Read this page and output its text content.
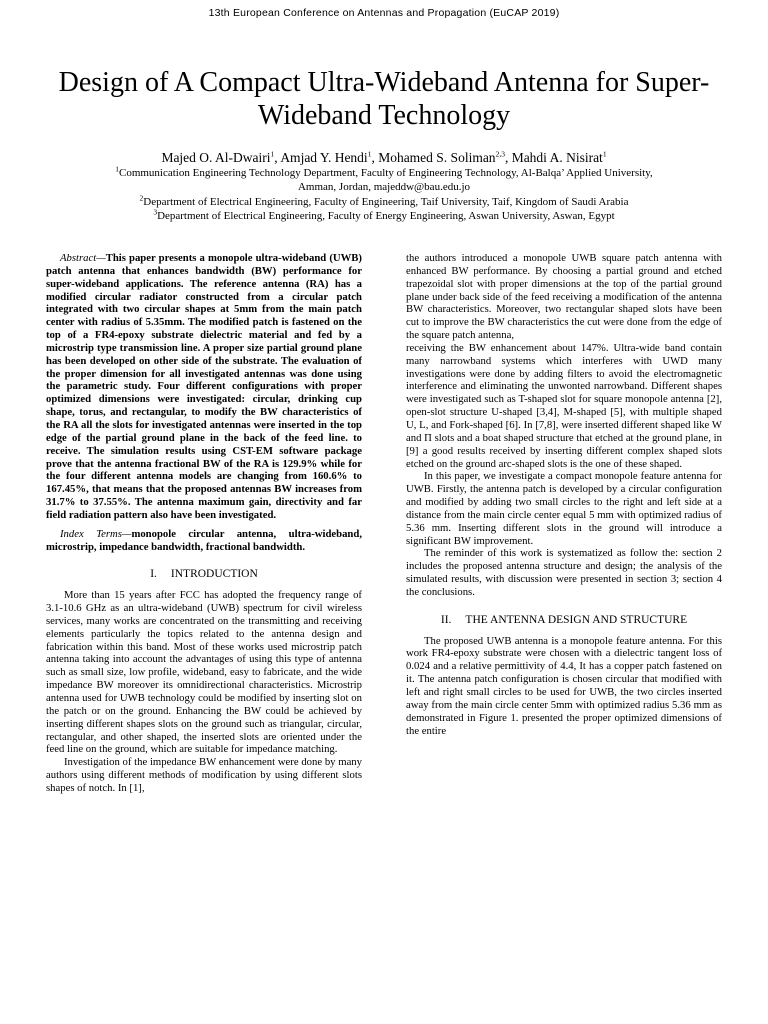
13th European Conference on Antennas and Propagation (EuCAP 2019)
Design of A Compact Ultra-Wideband Antenna for Super-Wideband Technology

Majed O. Al-Dwairi$^1$, Amjad Y. Hendi$^1$, Mohamed S. Soliman$^{2,3}$, Mahdi A. Nisirat$^1$

$^1$Communication Engineering Technology Department, Faculty of Engineering Technology, Al-Balqa’ Applied University,
Amman, Jordan, majeddw@bau.edu.jo

$^2$Department of Electrical Engineering, Faculty of Engineering, Taif University, Taif, Kingdom of Saudi Arabia

$^3$Department of Electrical Engineering, Faculty of Energy Engineering, Aswan University, Aswan, Egypt

Abstract—This paper presents a monopole ultra-wideband (UWB) patch antenna that enhances bandwidth (BW) performance for super-wideband applications. The reference antenna (RA) has a modified circular radiator constructed from a circular patch integrated with two circular shapes at 5mm from the main patch center with radius of 5.35mm. The modified patch is fastened on the top of a FR4-epoxy substrate dielectric material and fed by a microstrip type transmission line. A proper size partial ground plane has been developed on other side of the substrate. The evaluation of the proper dimension for all investigated antennas was done using the parametric study. Four different configurations with proper optimized dimensions were investigated: circular, drinking cup shape, torus, and rectangular, to modify the BW characteristics of the RA all the slots for investigated antennas were inserted in the top edge of the partial ground plane in the back of the feed line. to receive. The simulation results using CST-EM software package prove that the antenna fractional BW of the RA is 129.9% while for the four different antenna models are changing from 160.6% to 167.45%, that means that the proposed antennas BW increases from 31.7% to 37.55%. The antenna maximum gain, directivity and far field radiation pattern also have been investigated.

Index Terms—monopole circular antenna, ultra-wideband, microstrip, impedance bandwidth, fractional bandwidth.

I. INTRODUCTION

More than 15 years after FCC has adopted the frequency range of 3.1-10.6 GHz as an ultra-wideband (UWB) spectrum for civil wireless services, many works are concentrated on the transmitting and receiving elements particularly the topics related to the antenna design and fabrication within this band. Most of these works used microstrip patch antenna taking into account the advantages of using this type of antenna such as small size, low profile, wideband, easy to fabricate, and the wide impedance BW moreover its omnidirectional characteristics. Microstrip antenna used for UWB technology could be modified by inserting slot on the patch or on the ground. Enhancing the BW could be achieved by inserting different shapes slots on the ground such as triangular, circular, rectangular, and other shaped, the inserted slots are oriented under the feed line on the ground, which are suitable for impedance matching.

Investigation of the impedance BW enhancement were done by many authors using different methods of modification by using different slots shapes of notch. In [1],

the authors introduced a monopole UWB square patch antenna with enhanced BW performance. By choosing a partial ground and etched trapezoidal slot with proper dimensions at the top of the partial ground plane under back side of the feed receiving a modification of the antenna BW characteristics. Moreover, two rectangular shaped slots have been cut to improve the BW characteristics the cut were done from the edge of the square patch antenna,

receiving the BW enhancement about 147%. Ultra-wide band contain many narrowband systems which interferes with UWD many investigations were done by adding filters to avoid the electromagnetic interference and eliminating the unwonted narrowband. Different shapes were investigated such as T-shaped slot for square monopole antenna [2], open-slot structure U-shaped [3,4], M-shaped [5], with multiple shaped U, L, and Fork-shaped [6]. In [7,8], were inserted different shaped like W and Π slots and a boat shaped structure that etched at the ground plane, in [9] a good results received by inserting different complex shaped slots etched on the ground arc-shaped slots is the one of these shaped.

In this paper, we investigate a compact monopole feature antenna for UWB. Firstly, the antenna patch is developed by a circular configuration and modified by adding two small circles to the right and left side at a distance from the main circle center equal 5 mm with optimized radius of 5.36 mm. Inserting different slots in the ground will introduce a significant BW improvement.

The reminder of this work is systematized as follow the: section 2 includes the proposed antenna structure and design; the analysis of the simulated results, with discussion were presented in section 3; section 4 the conclusions.

II. THE ANTENNA DESIGN AND STRUCTURE

The proposed UWB antenna is a monopole feature antenna. For this work FR4-epoxy substrate were chosen with a dielectric tangent loss of 0.024 and a relative permittivity of 4.4, It has a copper patch fastened on it. The antenna patch configuration is chosen circular that modified with left and right small circles to be used for UWB, the two circles inserted away from the main circle center 5mm with optimized radius 5.36 mm as demonstrated in Figure 1. presented the proper optimized dimensions of the entire
